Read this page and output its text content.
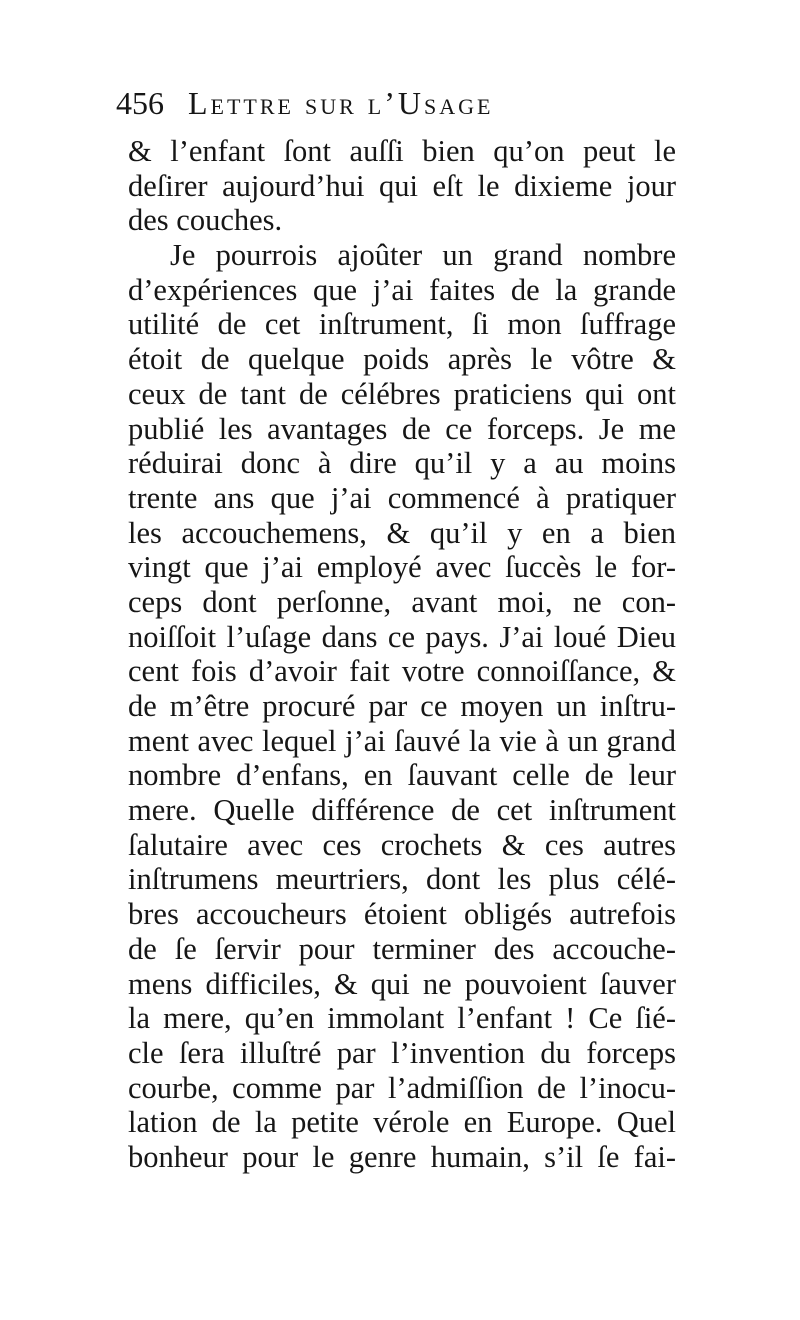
456 Lettre sur l’Usage
& l’enfant ſont auſſi bien qu’on peut le
deſirer aujourd’hui qui eſt le dixieme jour
des couches.
Je pourrois ajoûter un grand nombre
d’expériences que j’ai faites de la grande
utilité de cet inſtrument, ſi mon ſuffrage
étoit de quelque poids après le vôtre &
ceux de tant de célébres praticiens qui ont
publié les avantages de ce forceps. Je me
réduirai donc à dire qu’il y a au moins
trente ans que j’ai commencé à pratiquer
les accouchemens, & qu’il y en a bien
vingt que j’ai employé avec ſuccès le for-
ceps dont perſonne, avant moi, ne con-
noiſſoit l’uſage dans ce pays. J’ai loué Dieu
cent fois d’avoir fait votre connoiſſance, &
de m’être procuré par ce moyen un inſtru-
ment avec lequel j’ai ſauvé la vie à un grand
nombre d’enfans, en ſauvant celle de leur
mere. Quelle différence de cet inſtrument
ſalutaire avec ces crochets & ces autres
inſtrumens meurtriers, dont les plus célé-
bres accoucheurs étoient obligés autrefois
de ſe ſervir pour terminer des accouche-
mens difficiles, & qui ne pouvoient ſauver
la mere, qu’en immolant l’enfant ! Ce ſié-
cle ſera illuſtré par l’invention du forceps
courbe, comme par l’admiſſion de l’inocu-
lation de la petite vérole en Europe. Quel
bonheur pour le genre humain, s’il ſe fai-
